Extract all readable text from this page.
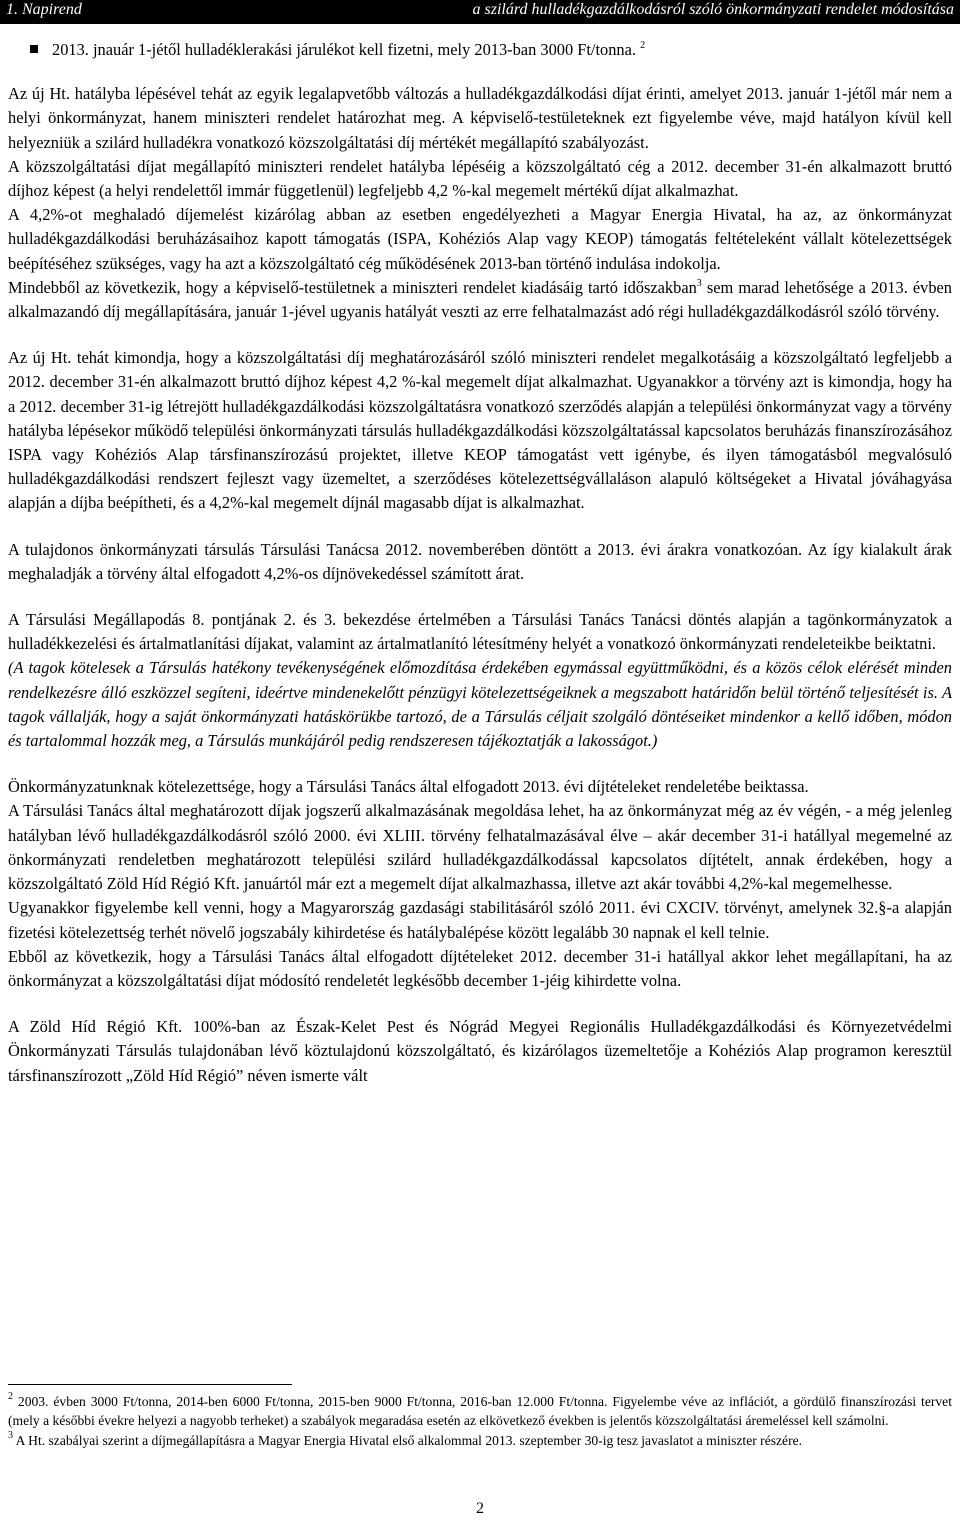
1. Napirend	a szilárd hulladékgazdálkodásról szóló önkormányzati rendelet módosítása

2013. jnauár 1-jétől hulladéklerakási járulékot kell fizetni, mely 2013-ban 3000 Ft/tonna. $^2$

Az új Ht. hatályba lépésével tehát az egyik legalapvetőbb változás a hulladékgazdálkodási díjat érinti, amelyet 2013. január 1-jétől már nem a helyi önkormányzat, hanem miniszteri rendelet határozhat meg. A képviselő-testületeknek ezt figyelembe véve, majd hatályon kívül kell helyezniük a szilárd hulladékra vonatkozó közszolgáltatási díj mértékét megállapító szabályozást.

A közszolgáltatási díjat megállapító miniszteri rendelet hatályba lépéséig a közszolgáltató cég a 2012. december 31-én alkalmazott bruttó díjhoz képest (a helyi rendelettől immár függetlenül) legfeljebb 4,2 %-kal megemelt mértékű díjat alkalmazhat.

A 4,2%-ot meghaladó díjemelést kizárólag abban az esetben engedélyezheti a Magyar Energia Hivatal, ha az, az önkormányzat hulladékgazdálkodási beruházásaihoz kapott támogatás (ISPA, Kohéziós Alap vagy KEOP) támogatás feltételeként vállalt kötelezettségek beépítéséhez szükséges, vagy ha azt a közszolgáltató cég működésének 2013-ban történő indulása indokolja.

Mindebből az következik, hogy a képviselő-testületnek a miniszteri rendelet kiadásáig tartó időszakban$^3$ sem marad lehetősége a 2013. évben alkalmazandó díj megállapítására, január 1-jével ugyanis hatályát veszti az erre felhatalmazást adó régi hulladékgazdálkodásról szóló törvény.

Az új Ht. tehát kimondja, hogy a közszolgáltatási díj meghatározásáról szóló miniszteri rendelet megalkotásáig a közszolgáltató legfeljebb a 2012. december 31-én alkalmazott bruttó díjhoz képest 4,2 %-kal megemelt díjat alkalmazhat. Ugyanakkor a törvény azt is kimondja, hogy ha a 2012. december 31-ig létrejött hulladékgazdálkodási közszolgáltatásra vonatkozó szerződés alapján a települési önkormányzat vagy a törvény hatályba lépésekor működő települési önkormányzati társulás hulladékgazdálkodási közszolgáltatással kapcsolatos beruházás finanszírozásához ISPA vagy Kohéziós Alap társfinanszírozású projektet, illetve KEOP támogatást vett igénybe, és ilyen támogatásból megvalósuló hulladékgazdálkodási rendszert fejleszt vagy üzemeltet, a szerződéses kötelezettségvállaláson alapuló költségeket a Hivatal jóváhagyása alapján a díjba beépítheti, és a 4,2%-kal megemelt díjnál magasabb díjat is alkalmazhat.

A tulajdonos önkormányzati társulás Társulási Tanácsa 2012. novemberében döntött a 2013. évi árakra vonatkozóan. Az így kialakult árak meghaladják a törvény által elfogadott 4,2%-os díjnövekedéssel számított árat.

A Társulási Megállapodás 8. pontjának 2. és 3. bekezdése értelmében a Társulási Tanács Tanácsi döntés alapján a tagönkormányzatok a hulladékkezelési és ártalmatlanítási díjakat, valamint az ártalmatlanító létesítmény helyét a vonatkozó önkormányzati rendeleteikbe beiktatni.

(A tagok kötelesek a Társulás hatékony tevékenységének előmozdítása érdekében egymással együttműködni, és a közös célok elérését minden rendelkezésre álló eszközzel segíteni, ideértve mindenekelőtt pénzügyi kötelezettségeiknek a megszabott határidőn belül történő teljesítését is. A tagok vállalják, hogy a saját önkormányzati hatáskörükbe tartozó, de a Társulás céljait szolgáló döntéseiket mindenkor a kellő időben, módon és tartalommal hozzák meg, a Társulás munkájáról pedig rendszeresen tájékoztatják a lakosságot.)

Önkormányzatunknak kötelezettsége, hogy a Társulási Tanács által elfogadott 2013. évi díjtételeket rendeletébe beiktassa.

A Társulási Tanács által meghatározott díjak jogszerű alkalmazásának megoldása lehet, ha az önkormányzat még az év végén, - a még jelenleg hatályban lévő hulladékgazdálkodásról szóló 2000. évi XLIII. törvény felhatalmazásával élve – akár december 31-i hatállyal megemelné az önkormányzati rendeletben meghatározott települési szilárd hulladékgazdálkodással kapcsolatos díjtételt, annak érdekében, hogy a közszolgáltató Zöld Híd Régió Kft. januártól már ezt a megemelt díjat alkalmazhassa, illetve azt akár további 4,2%-kal megemelhesse.

Ugyanakkor figyelembe kell venni, hogy a Magyarország gazdasági stabilitásáról szóló 2011. évi CXCIV. törvényt, amelynek 32.§-a alapján fizetési kötelezettség terhét növelő jogszabály kihirdetése és hatálybalépése között legalább 30 napnak el kell telnie.

Ebből az következik, hogy a Társulási Tanács által elfogadott díjtételeket 2012. december 31-i hatállyal akkor lehet megállapítani, ha az önkormányzat a közszolgáltatási díjat módosító rendeletét legkésőbb december 1-jéig kihirdette volna.

A Zöld Híd Régió Kft. 100%-ban az Észak-Kelet Pest és Nógrád Megyei Regionális Hulladékgazdálkodási és Környezetvédelmi Önkormányzati Társulás tulajdonában lévő köztulajdonú közszolgáltató, és kizárólagos üzemeltetője a Kohéziós Alap programon keresztül társfinanszírozott „Zöld Híd Régió” néven ismerte vált

$^2$ 2003. évben 3000 Ft/tonna, 2014-ben 6000 Ft/tonna, 2015-ben 9000 Ft/tonna, 2016-ban 12.000 Ft/tonna. Figyelembe véve az inflációt, a gördülő finanszírozási tervet (mely a későbbi évekre helyezi a nagyobb terheket) a szabályok megaradása esetén az elkövetkező években is jelentős közszolgáltatási áremeléssel kell számolni.

$^3$ A Ht. szabályai szerint a díjmegállapításra a Magyar Energia Hivatal első alkalommal 2013. szeptember 30-ig tesz javaslatot a miniszter részére.

2
